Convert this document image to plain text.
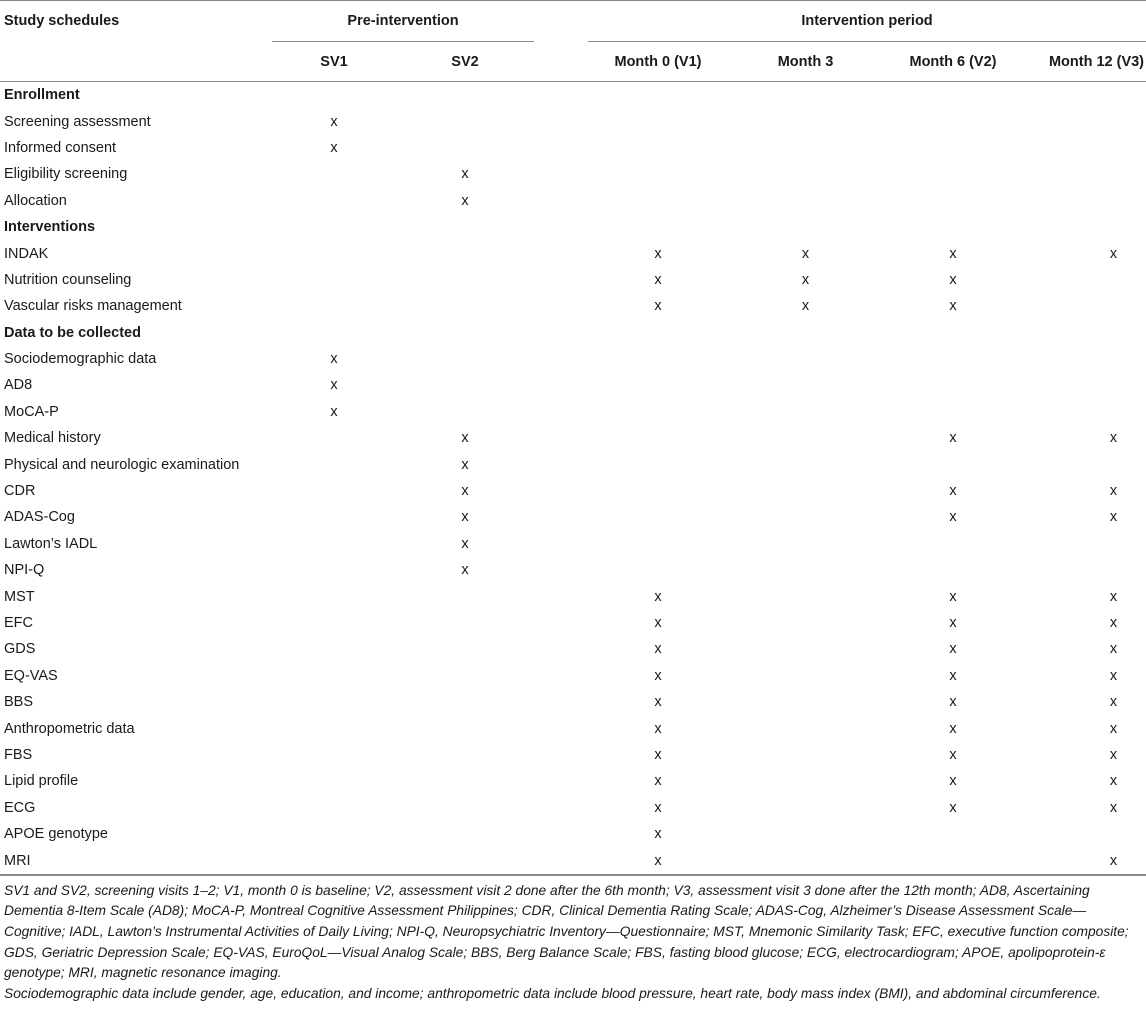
Study schedules	Pre-intervention			Intervention period			
	SV1	SV2		Month 0 (V1)	Month 3	Month 6 (V2)	Month 12 (V3)
Enrollment							
Screening assessment	x						
Informed consent	x						
Eligibility screening		x					
Allocation		x					
Interventions							
INDAK				x	x	x	x
Nutrition counseling				x	x	x	
Vascular risks management				x	x	x	
Data to be collected							
Sociodemographic data	x						
AD8	x						
MoCA-P	x						
Medical history		x				x	x
Physical and neurologic examination		x					
CDR		x				x	x
ADAS-Cog		x				x	x
Lawton’s IADL		x					
NPI-Q		x					
MST				x		x	x
EFC				x		x	x
GDS				x		x	x
EQ-VAS				x		x	x
BBS				x		x	x
Anthropometric data				x		x	x
FBS				x		x	x
Lipid profile				x		x	x
ECG				x		x	x
APOE genotype				x			
MRI				x			x

SV1 and SV2, screening visits 1–2; V1, month 0 is baseline; V2, assessment visit 2 done after the 6th month; V3, assessment visit 3 done after the 12th month; AD8, Ascertaining Dementia 8-Item Scale (AD8); MoCA-P, Montreal Cognitive Assessment Philippines; CDR, Clinical Dementia Rating Scale; ADAS-Cog, Alzheimer’s Disease Assessment Scale—Cognitive; IADL, Lawton’s Instrumental Activities of Daily Living; NPI-Q, Neuropsychiatric Inventory—Questionnaire; MST, Mnemonic Similarity Task; EFC, executive function composite; GDS, Geriatric Depression Scale; EQ-VAS, EuroQoL—Visual Analog Scale; BBS, Berg Balance Scale; FBS, fasting blood glucose; ECG, electrocardiogram; APOE, apolipoprotein-ε genotype; MRI, magnetic resonance imaging.

Sociodemographic data include gender, age, education, and income; anthropometric data include blood pressure, heart rate, body mass index (BMI), and abdominal circumference.
